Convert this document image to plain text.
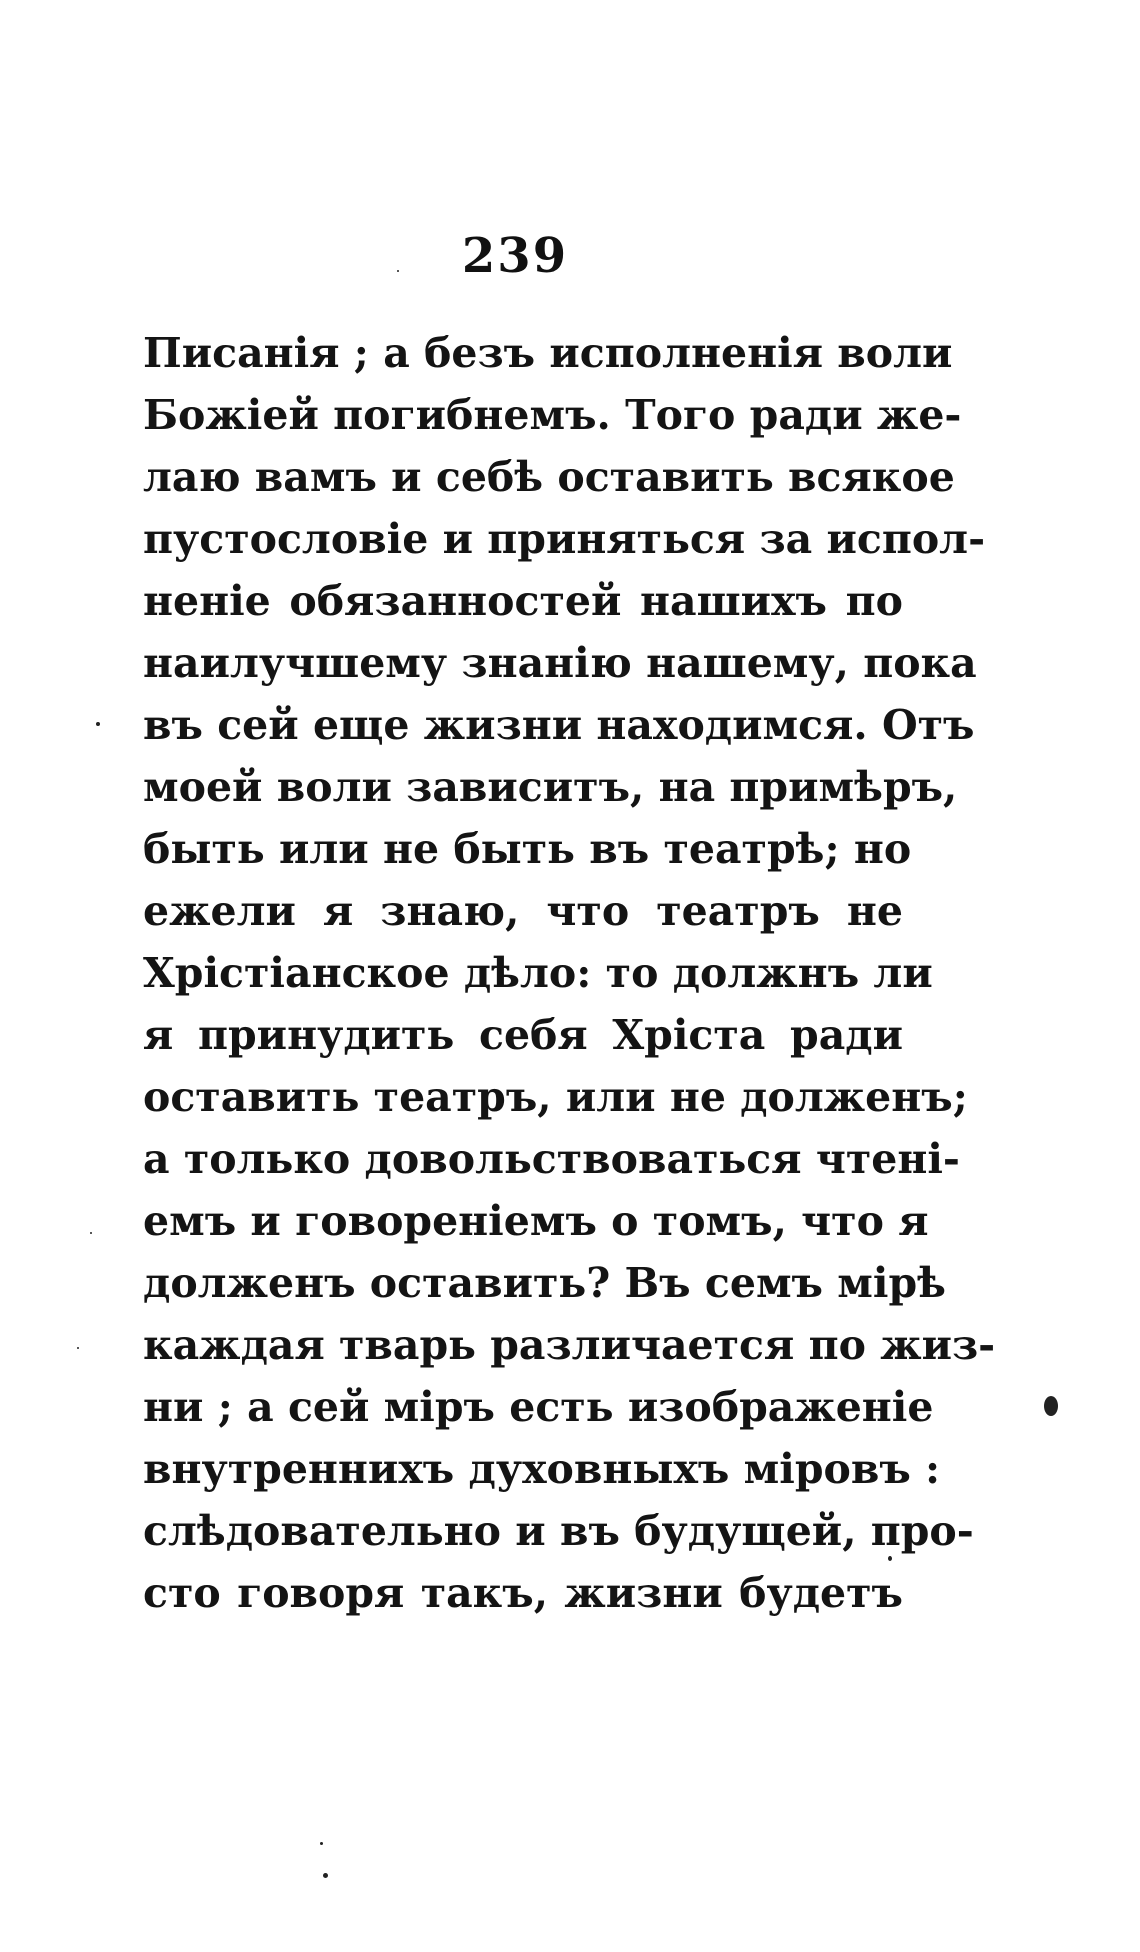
239
Писанія ; а безъ исполненія воли
Божіей погибнемъ. Того ради же-
лаю вамъ и себѣ оставить всякое
пустословіе и приняться за испол-
неніе обязанностей нашихъ по
наилучшему знанію нашему, пока
въ сей еще жизни находимся. Отъ
моей воли зависитъ, на примѣръ,
быть или не быть въ театрѣ; но
ежели я знаю, что театръ не
Хрістіанское дѣло: то должнъ ли
я принудить себя Хріста ради
оставить театръ, или не долженъ;
а только довольствоваться чтені-
емъ и говореніемъ о томъ, что я
долженъ оставить? Въ семъ мірѣ
каждая тварь различается по жиз-
ни ; а сей міръ есть изображеніе
внутреннихъ духовныхъ міровъ :
слѣдовательно и въ будущей, про-
сто говоря такъ, жизни будетъ
